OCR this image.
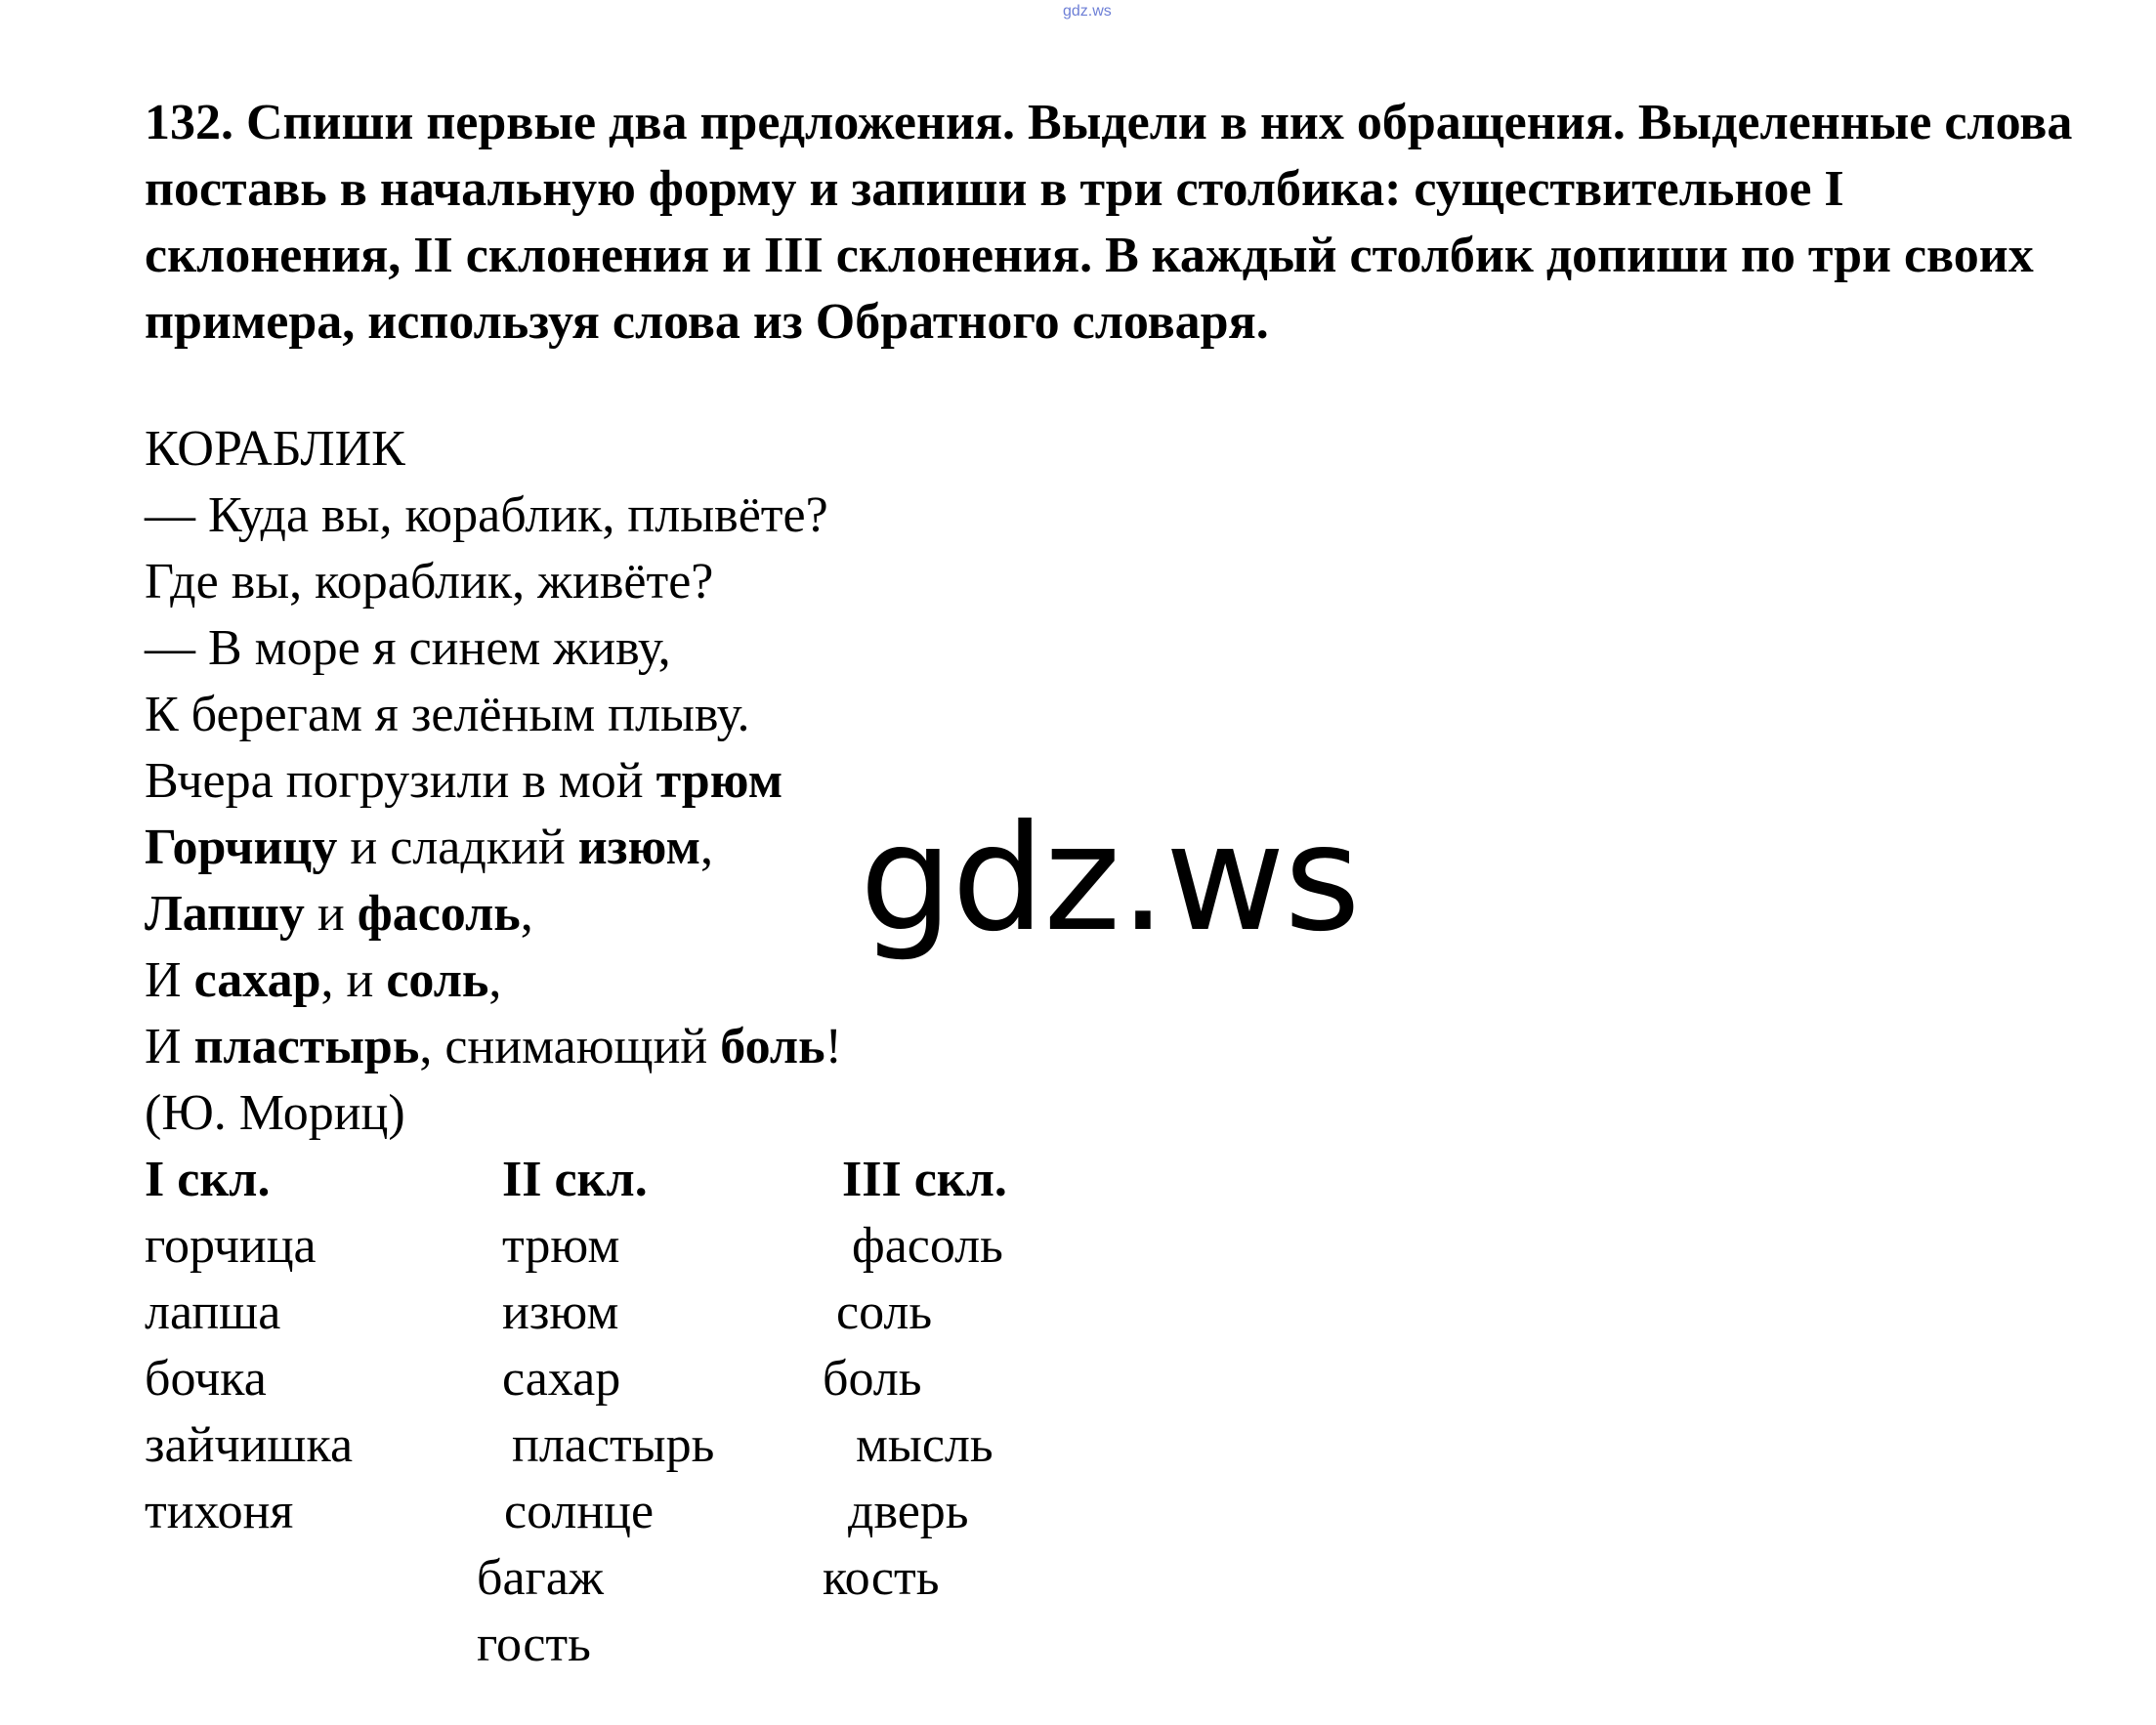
gdz.ws

132. Спиши первые два предложения. Выдели в них обращения. Выделенные слова поставь в начальную форму и запиши в три столбика: существительное I склонения, II склонения и III склонения. В каждый столбик допиши по три своих примера, используя слова из Обратного словаря.

КОРАБЛИК
— Куда вы, кораблик, плывёте?
Где вы, кораблик, живёте?
— В море я синем живу,
К берегам я зелёным плыву.
Вчера погрузили в мой трюм
Горчицу и сладкий изюм,
Лапшу и фасоль,
И сахар, и соль,
И пластырь, снимающий боль!
(Ю. Мориц)
gdz.ws
I скл.	II скл.	III скл.
горчица
лапша
бочка
зайчишка
тихоня
трюм
изюм
сахар
пластырь
солнце
багаж
гость
фасоль
соль
боль
мысль
дверь
кость
